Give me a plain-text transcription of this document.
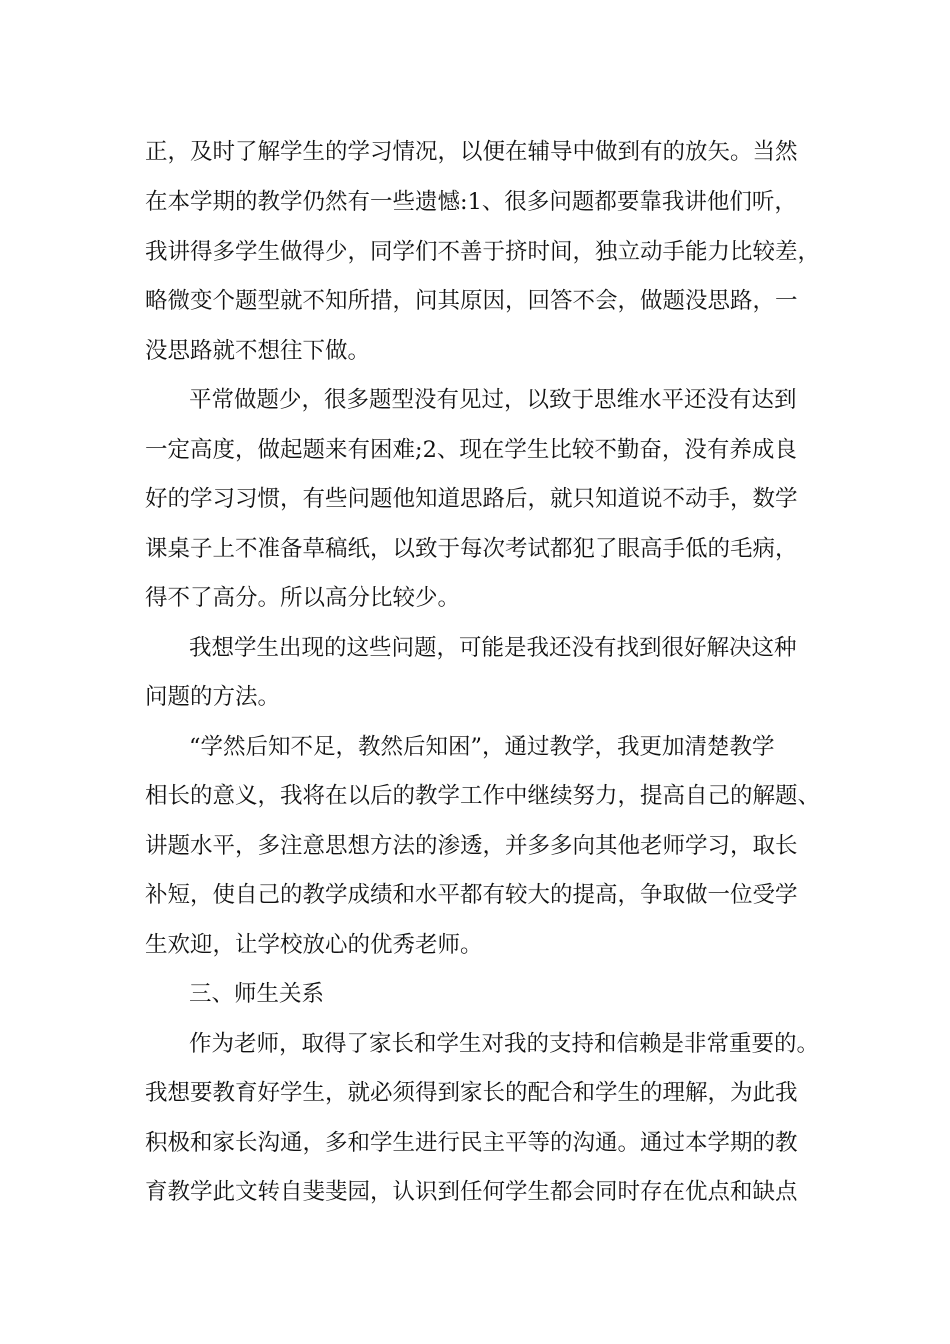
正，及时了解学生的学习情况，以便在辅导中做到有的放矢。当然
在本学期的教学仍然有一些遗憾:1、很多问题都要靠我讲他们听，
我讲得多学生做得少，同学们不善于挤时间，独立动手能力比较差，
略微变个题型就不知所措，问其原因，回答不会，做题没思路，一
没思路就不想往下做。
平常做题少，很多题型没有见过，以致于思维水平还没有达到
一定高度，做起题来有困难;2、现在学生比较不勤奋，没有养成良
好的学习习惯，有些问题他知道思路后，就只知道说不动手，数学
课桌子上不准备草稿纸，以致于每次考试都犯了眼高手低的毛病，
得不了高分。所以高分比较少。
我想学生出现的这些问题，可能是我还没有找到很好解决这种
问题的方法。
“学然后知不足，教然后知困”，通过教学，我更加清楚教学
相长的意义，我将在以后的教学工作中继续努力，提高自己的解题、
讲题水平，多注意思想方法的渗透，并多多向其他老师学习，取长
补短，使自己的教学成绩和水平都有较大的提高，争取做一位受学
生欢迎，让学校放心的优秀老师。
三、师生关系
作为老师，取得了家长和学生对我的支持和信赖是非常重要的。
我想要教育好学生，就必须得到家长的配合和学生的理解，为此我
积极和家长沟通，多和学生进行民主平等的沟通。通过本学期的教
育教学此文转自斐斐园，认识到任何学生都会同时存在优点和缺点
